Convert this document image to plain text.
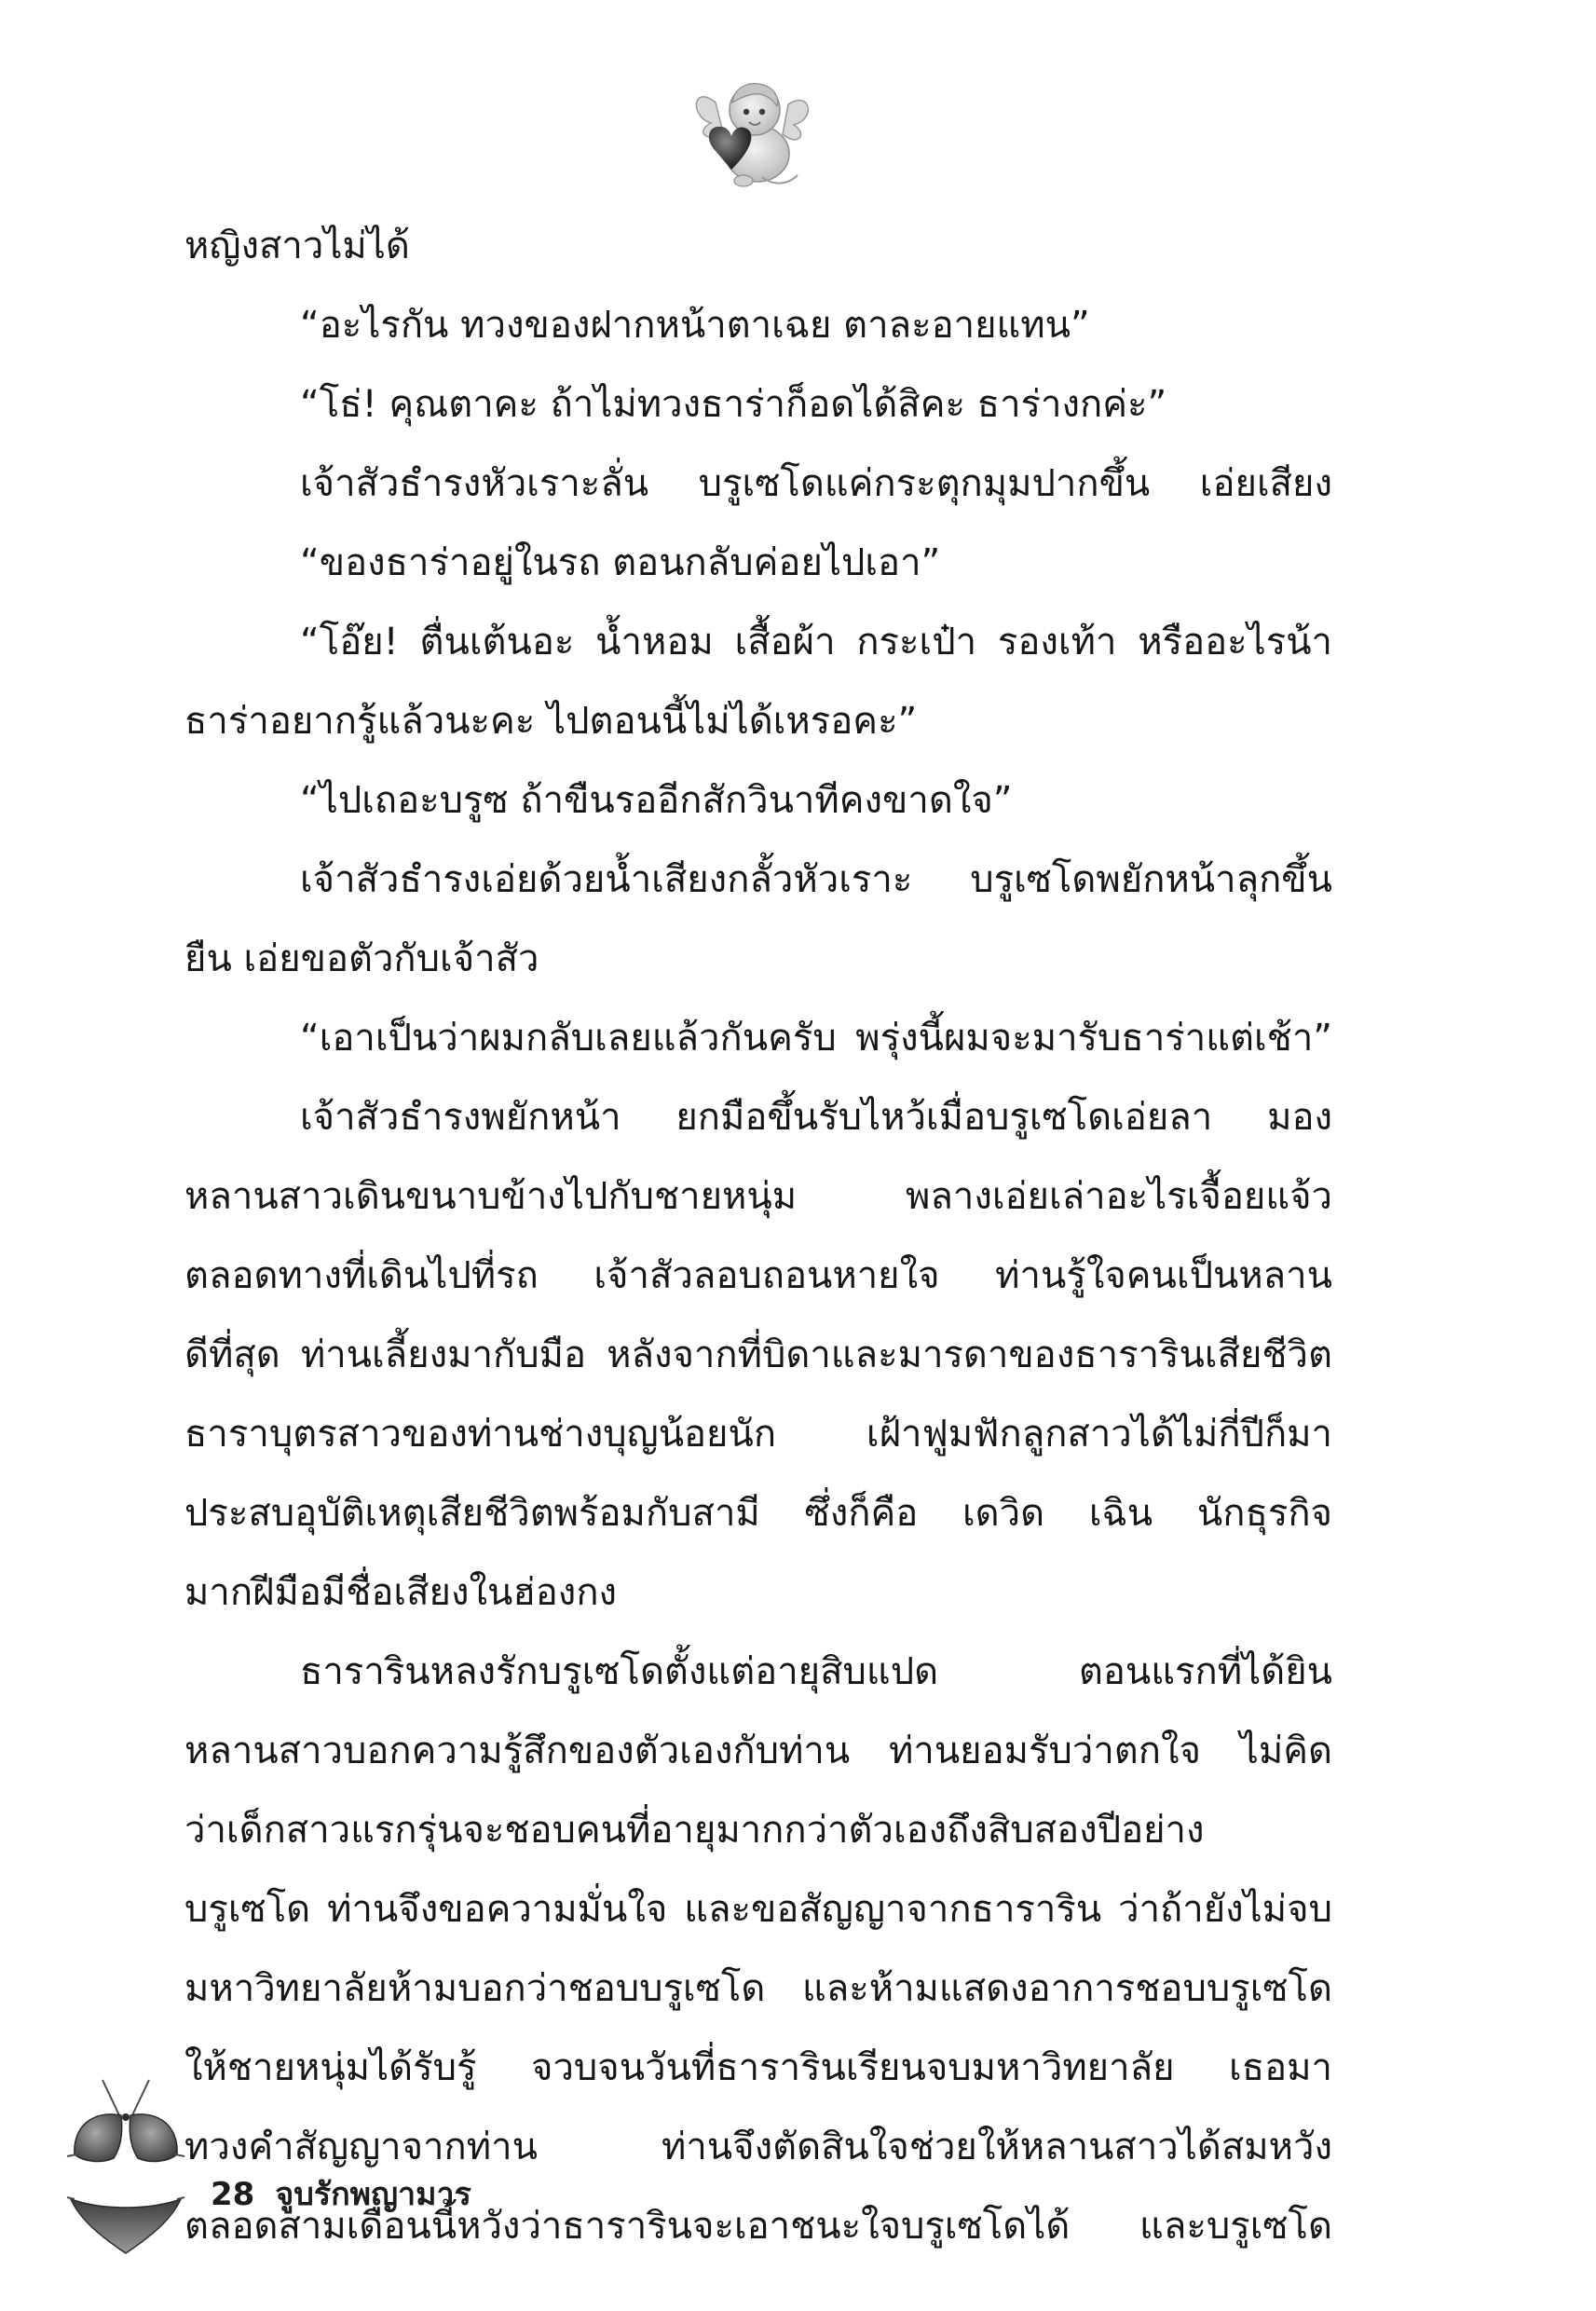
หญิงสาวไม่ได้
“อะไรกัน ทวงของฝากหน้าตาเฉย ตาละอายแทน”
“โธ่! คุณตาคะ ถ้าไม่ทวงธาร่าก็อดได้สิคะ ธาร่างกค่ะ”
เจ้าสัวธำรงหัวเราะลั่น บรูเซโดแค่กระตุกมุมปากขึ้น เอ่ยเสียง
“ของธาร่าอยู่ในรถ ตอนกลับค่อยไปเอา”
“โอ๊ย! ตื่นเต้นอะ น้ำหอม เสื้อผ้า กระเป๋า รองเท้า หรืออะไรน้า
ธาร่าอยากรู้แล้วนะคะ ไปตอนนี้ไม่ได้เหรอคะ”
“ไปเถอะบรูซ ถ้าขืนรออีกสักวินาทีคงขาดใจ”
เจ้าสัวธำรงเอ่ยด้วยน้ำเสียงกลั้วหัวเราะ บรูเซโดพยักหน้าลุกขึ้น
ยืน เอ่ยขอตัวกับเจ้าสัว
“เอาเป็นว่าผมกลับเลยแล้วกันครับ พรุ่งนี้ผมจะมารับธาร่าแต่เช้า”
เจ้าสัวธำรงพยักหน้า ยกมือขึ้นรับไหว้เมื่อบรูเซโดเอ่ยลา มอง
หลานสาวเดินขนาบข้างไปกับชายหนุ่ม พลางเอ่ยเล่าอะไรเจื้อยแจ้ว
ตลอดทางที่เดินไปที่รถ เจ้าสัวลอบถอนหายใจ ท่านรู้ใจคนเป็นหลาน
ดีที่สุด ท่านเลี้ยงมากับมือ หลังจากที่บิดาและมารดาของธารารินเสียชีวิต
ธาราบุตรสาวของท่านช่างบุญน้อยนัก เฝ้าฟูมฟักลูกสาวได้ไม่กี่ปีก็มา
ประสบอุบัติเหตุเสียชีวิตพร้อมกับสามี ซึ่งก็คือ เดวิด เฉิน นักธุรกิจ
มากฝีมือมีชื่อเสียงในฮ่องกง
ธารารินหลงรักบรูเซโดตั้งแต่อายุสิบแปด ตอนแรกที่ได้ยิน
หลานสาวบอกความรู้สึกของตัวเองกับท่าน ท่านยอมรับว่าตกใจ ไม่คิด
ว่าเด็กสาวแรกรุ่นจะชอบคนที่อายุมากกว่าตัวเองถึงสิบสองปีอย่าง
บรูเซโด ท่านจึงขอความมั่นใจ และขอสัญญาจากธาราริน ว่าถ้ายังไม่จบ
มหาวิทยาลัยห้ามบอกว่าชอบบรูเซโด และห้ามแสดงอาการชอบบรูเซโด
ให้ชายหนุ่มได้รับรู้ จวบจนวันที่ธารารินเรียนจบมหาวิทยาลัย เธอมา
ทวงคำสัญญาจากท่าน ท่านจึงตัดสินใจช่วยให้หลานสาวได้สมหวัง
ตลอดสามเดือนนี้หวังว่าธารารินจะเอาชนะใจบรูเซโดได้ และบรูเซโด
28 จูบรักพญามาร
